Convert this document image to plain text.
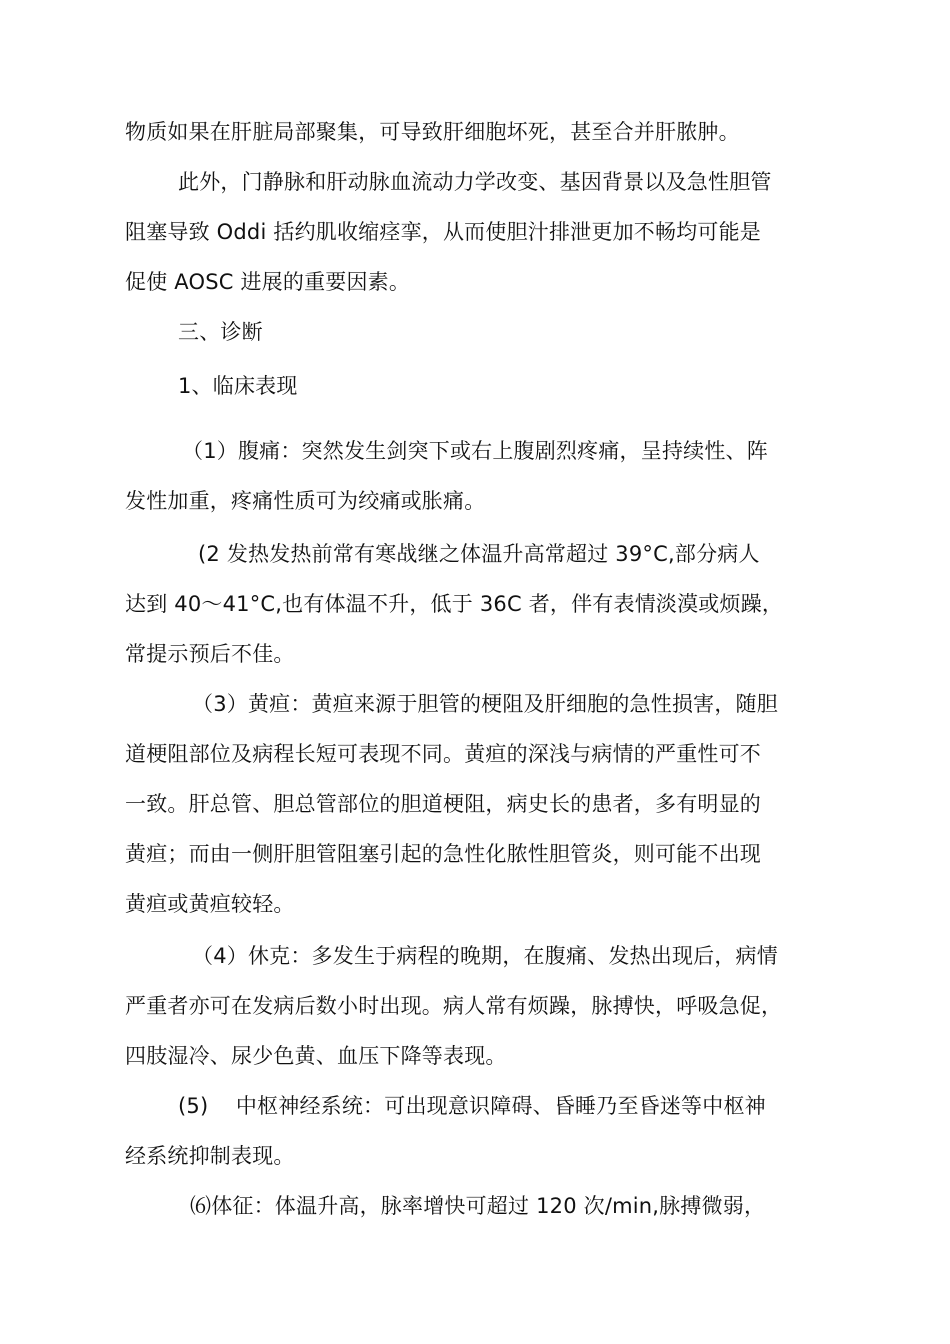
物质如果在肝脏局部聚集，可导致肝细胞坏死，甚至合并肝脓肿。
此外，门静脉和肝动脉血流动力学改变、基因背景以及急性胆管
阻塞导致 Oddi 括约肌收缩痉挛，从而使胆汁排泄更加不畅均可能是
促使 AOSC 进展的重要因素。
三、诊断
1、临床表现
（1）腹痛：突然发生剑突下或右上腹剧烈疼痛，呈持续性、阵
发性加重，疼痛性质可为绞痛或胀痛。
(2 发热发热前常有寒战继之体温升高常超过 39°C,部分病人
达到 40〜41°C,也有体温不升，低于 36C 者，伴有表情淡漠或烦躁，
常提示预后不佳。
（3）黄疸：黄疸来源于胆管的梗阻及肝细胞的急性损害，随胆
道梗阻部位及病程长短可表现不同。黄疸的深浅与病情的严重性可不
一致。肝总管、胆总管部位的胆道梗阻，病史长的患者，多有明显的
黄疸；而由一侧肝胆管阻塞引起的急性化脓性胆管炎，则可能不出现
黄疸或黄疸较轻。
（4）休克：多发生于病程的晚期，在腹痛、发热出现后，病情
严重者亦可在发病后数小时出现。病人常有烦躁，脉搏快，呼吸急促，
四肢湿冷、尿少色黄、血压下降等表现。
(5)    中枢神经系统：可出现意识障碍、昏睡乃至昏迷等中枢神
经系统抑制表现。
⑹体征：体温升高，脉率增快可超过 120 次/min,脉搏微弱，
